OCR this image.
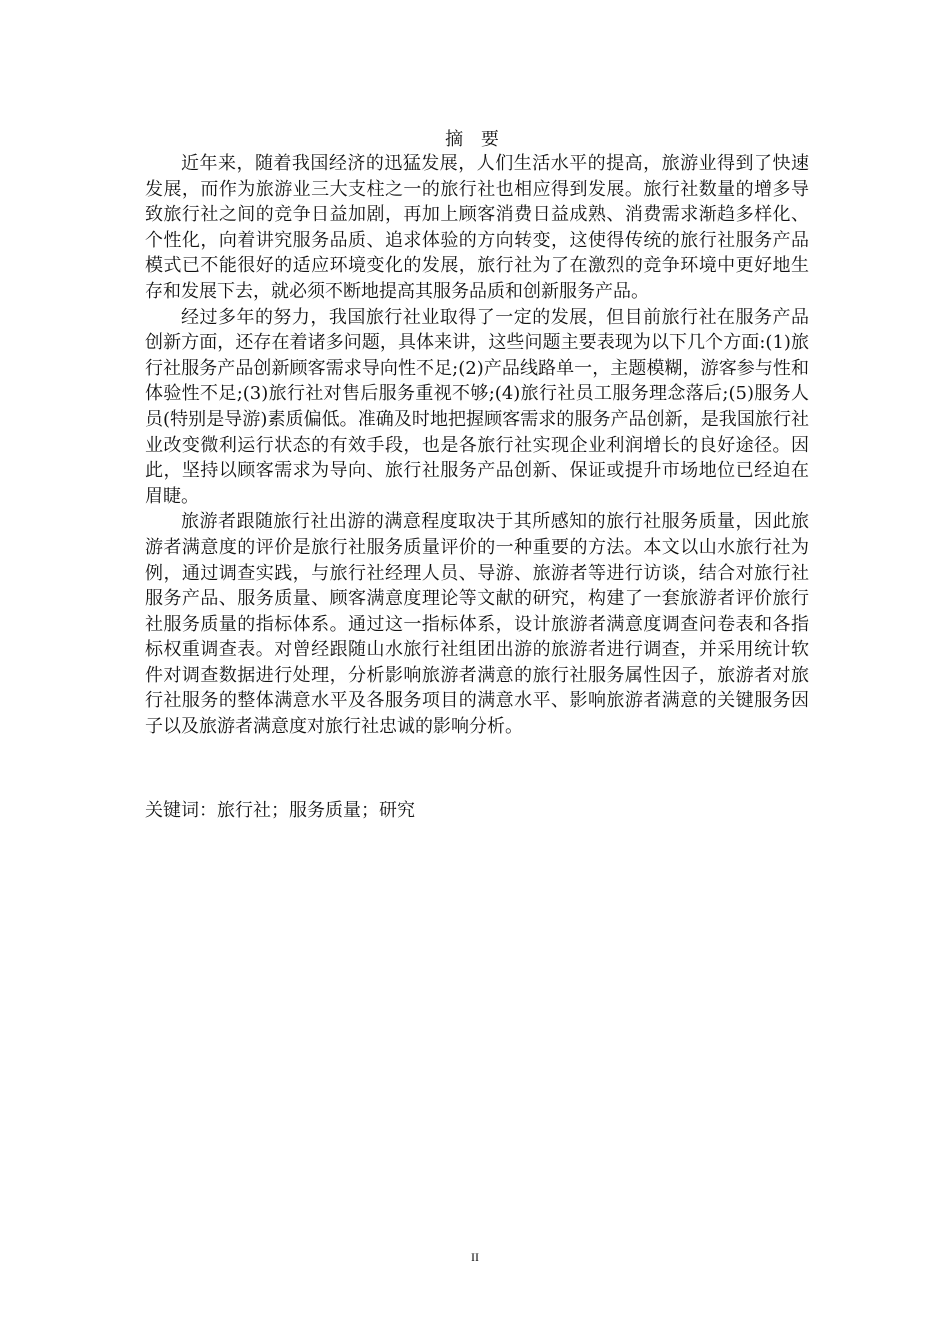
摘 要

近年来，随着我国经济的迅猛发展，人们生活水平的提高，旅游业得到了快速发展，而作为旅游业三大支柱之一的旅行社也相应得到发展。旅行社数量的增多导致旅行社之间的竞争日益加剧，再加上顾客消费日益成熟、消费需求渐趋多样化、个性化，向着讲究服务品质、追求体验的方向转变，这使得传统的旅行社服务产品模式已不能很好的适应环境变化的发展，旅行社为了在激烈的竞争环境中更好地生存和发展下去，就必须不断地提高其服务品质和创新服务产品。

经过多年的努力，我国旅行社业取得了一定的发展，但目前旅行社在服务产品创新方面，还存在着诸多问题，具体来讲，这些问题主要表现为以下几个方面:(1)旅行社服务产品创新顾客需求导向性不足;(2)产品线路单一，主题模糊，游客参与性和体验性不足;(3)旅行社对售后服务重视不够;(4)旅行社员工服务理念落后;(5)服务人员(特别是导游)素质偏低。准确及时地把握顾客需求的服务产品创新，是我国旅行社业改变微利运行状态的有效手段，也是各旅行社实现企业利润增长的良好途径。因此，坚持以顾客需求为导向、旅行社服务产品创新、保证或提升市场地位已经迫在眉睫。

旅游者跟随旅行社出游的满意程度取决于其所感知的旅行社服务质量，因此旅游者满意度的评价是旅行社服务质量评价的一种重要的方法。本文以山水旅行社为例，通过调查实践，与旅行社经理人员、导游、旅游者等进行访谈，结合对旅行社服务产品、服务质量、顾客满意度理论等文献的研究，构建了一套旅游者评价旅行社服务质量的指标体系。通过这一指标体系，设计旅游者满意度调查问卷表和各指标权重调查表。对曾经跟随山水旅行社组团出游的旅游者进行调查，并采用统计软件对调查数据进行处理，分析影响旅游者满意的旅行社服务属性因子，旅游者对旅行社服务的整体满意水平及各服务项目的满意水平、影响旅游者满意的关键服务因子以及旅游者满意度对旅行社忠诚的影响分析。

关键词：旅行社；服务质量；研究
II
